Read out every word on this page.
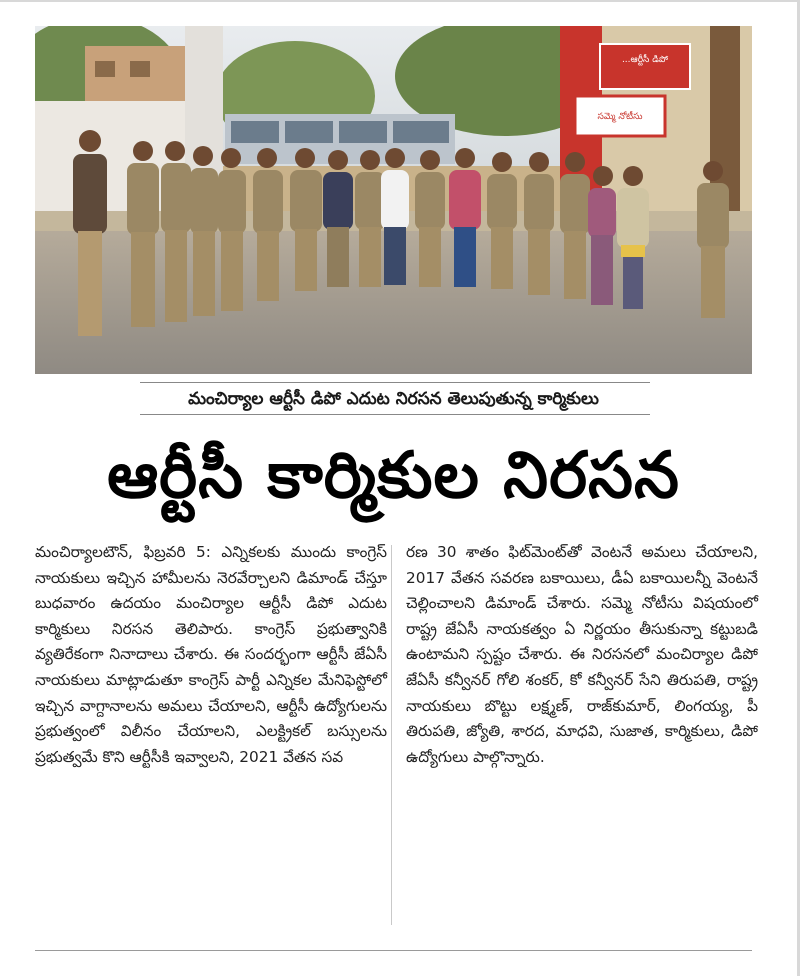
...ఆర్టీసీ డిపో
సమ్మె నోటీసు
మంచిర్యాల ఆర్టీసీ డిపో ఎదుట నిరసన తెలుపుతున్న కార్మికులు
ఆర్టీసీ కార్మికుల నిరసన

మంచిర్యాలటౌన్, ఫిబ్రవరి 5: ఎన్నికలకు ముందు కాంగ్రెస్ నాయకులు ఇచ్చిన హామీలను నెరవేర్చాలని డిమాండ్ చేస్తూ బుధవారం ఉదయం మంచిర్యాల ఆర్టీసీ డిపో ఎదుట కార్మికులు నిరసన తెలిపారు. కాంగ్రెస్ ప్రభుత్వానికి వ్యతిరేకంగా నినాదాలు చేశారు. ఈ సందర్భంగా ఆర్టీసీ జేఏసీ నాయకులు మాట్లాడుతూ కాంగ్రెస్ పార్టీ ఎన్నికల మేనిఫెస్టోలో ఇచ్చిన వాగ్దానాలను అమలు చేయాలని, ఆర్టీసీ ఉద్యోగులను ప్రభుత్వంలో విలీనం చేయాలని, ఎలక్ట్రికల్ బస్సులను ప్రభుత్వమే కొని ఆర్టీసీకి ఇవ్వాలని, 2021 వేతన సవ

రణ 30 శాతం ఫిట్‌మెంట్‌తో వెంటనే అమలు చేయాలని, 2017 వేతన సవరణ బకాయిలు, డీఏ బకాయిలన్నీ వెంటనే చెల్లించాలని డిమాండ్ చేశారు. సమ్మె నోటీసు విషయంలో రాష్ట్ర జేఏసీ నాయకత్వం ఏ నిర్ణయం తీసుకున్నా కట్టుబడి ఉంటామని స్పష్టం చేశారు. ఈ నిరసనలో మంచిర్యాల డిపో జేఏసీ కన్వీనర్ గోలి శంకర్, కో కన్వీనర్ సేని తిరుపతి, రాష్ట్ర నాయకులు బొట్టు లక్ష్మణ్, రాజ్‌కుమార్, లింగయ్య, పీ తిరుపతి, జ్యోతి, శారద, మాధవి, సుజాత, కార్మికులు, డిపో ఉద్యోగులు పాల్గొన్నారు.
